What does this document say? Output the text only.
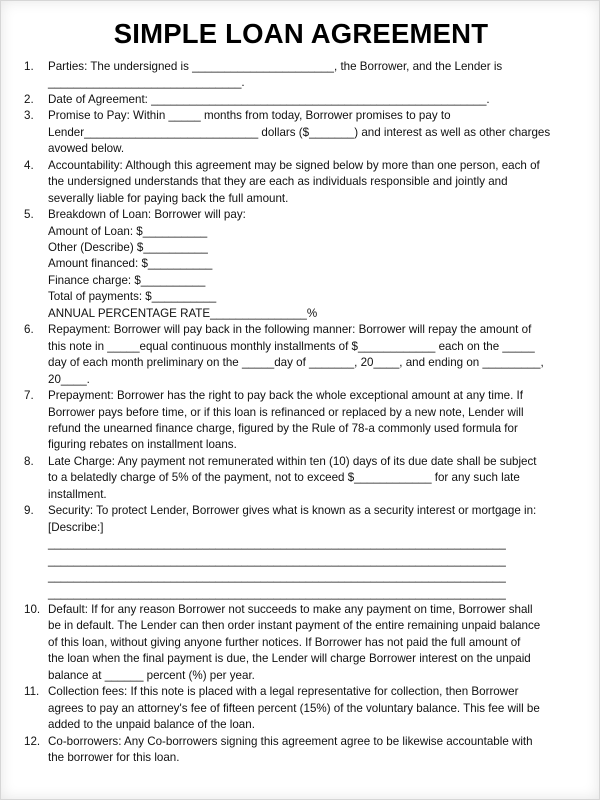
SIMPLE LOAN AGREEMENT
1.	Parties: The undersigned is ______________________, the Borrower, and the Lender is
______________________________.
2.	Date of Agreement: ____________________________________________________.
3.	Promise to Pay: Within _____ months from today, Borrower promises to pay to
Lender___________________________ dollars ($_______) and interest as well as other charges
avowed below.
4.	Accountability: Although this agreement may be signed below by more than one person, each of
the undersigned understands that they are each as individuals responsible and jointly and
severally liable for paying back the full amount.
5.	Breakdown of Loan: Borrower will pay:
Amount of Loan: $__________
Other (Describe) $__________
Amount financed: $__________
Finance charge: $__________
Total of payments: $__________
ANNUAL PERCENTAGE RATE_______________%
6.	Repayment: Borrower will pay back in the following manner: Borrower will repay the amount of
this note in _____equal continuous monthly installments of $____________ each on the _____
day of each month preliminary on the _____day of _______, 20____, and ending on _________,
20____.
7.	Prepayment: Borrower has the right to pay back the whole exceptional amount at any time. If
Borrower pays before time, or if this loan is refinanced or replaced by a new note, Lender will
refund the unearned finance charge, figured by the Rule of 78-a commonly used formula for
figuring rebates on installment loans.
8.	Late Charge: Any payment not remunerated within ten (10) days of its due date shall be subject
to a belatedly charge of 5% of the payment, not to exceed $____________ for any such late
installment.
9.	Security: To protect Lender, Borrower gives what is known as a security interest or mortgage in:
[Describe:]
_______________________________________________________________________
_______________________________________________________________________
_______________________________________________________________________
_______________________________________________________________________
10. Default: If for any reason Borrower not succeeds to make any payment on time, Borrower shall
be in default. The Lender can then order instant payment of the entire remaining unpaid balance
of this loan, without giving anyone further notices. If Borrower has not paid the full amount of
the loan when the final payment is due, the Lender will charge Borrower interest on the unpaid
balance at ______ percent (%) per year.
11. Collection fees: If this note is placed with a legal representative for collection, then Borrower
agrees to pay an attorney's fee of fifteen percent (15%) of the voluntary balance. This fee will be
added to the unpaid balance of the loan.
12. Co-borrowers: Any Co-borrowers signing this agreement agree to be likewise accountable with
the borrower for this loan.
